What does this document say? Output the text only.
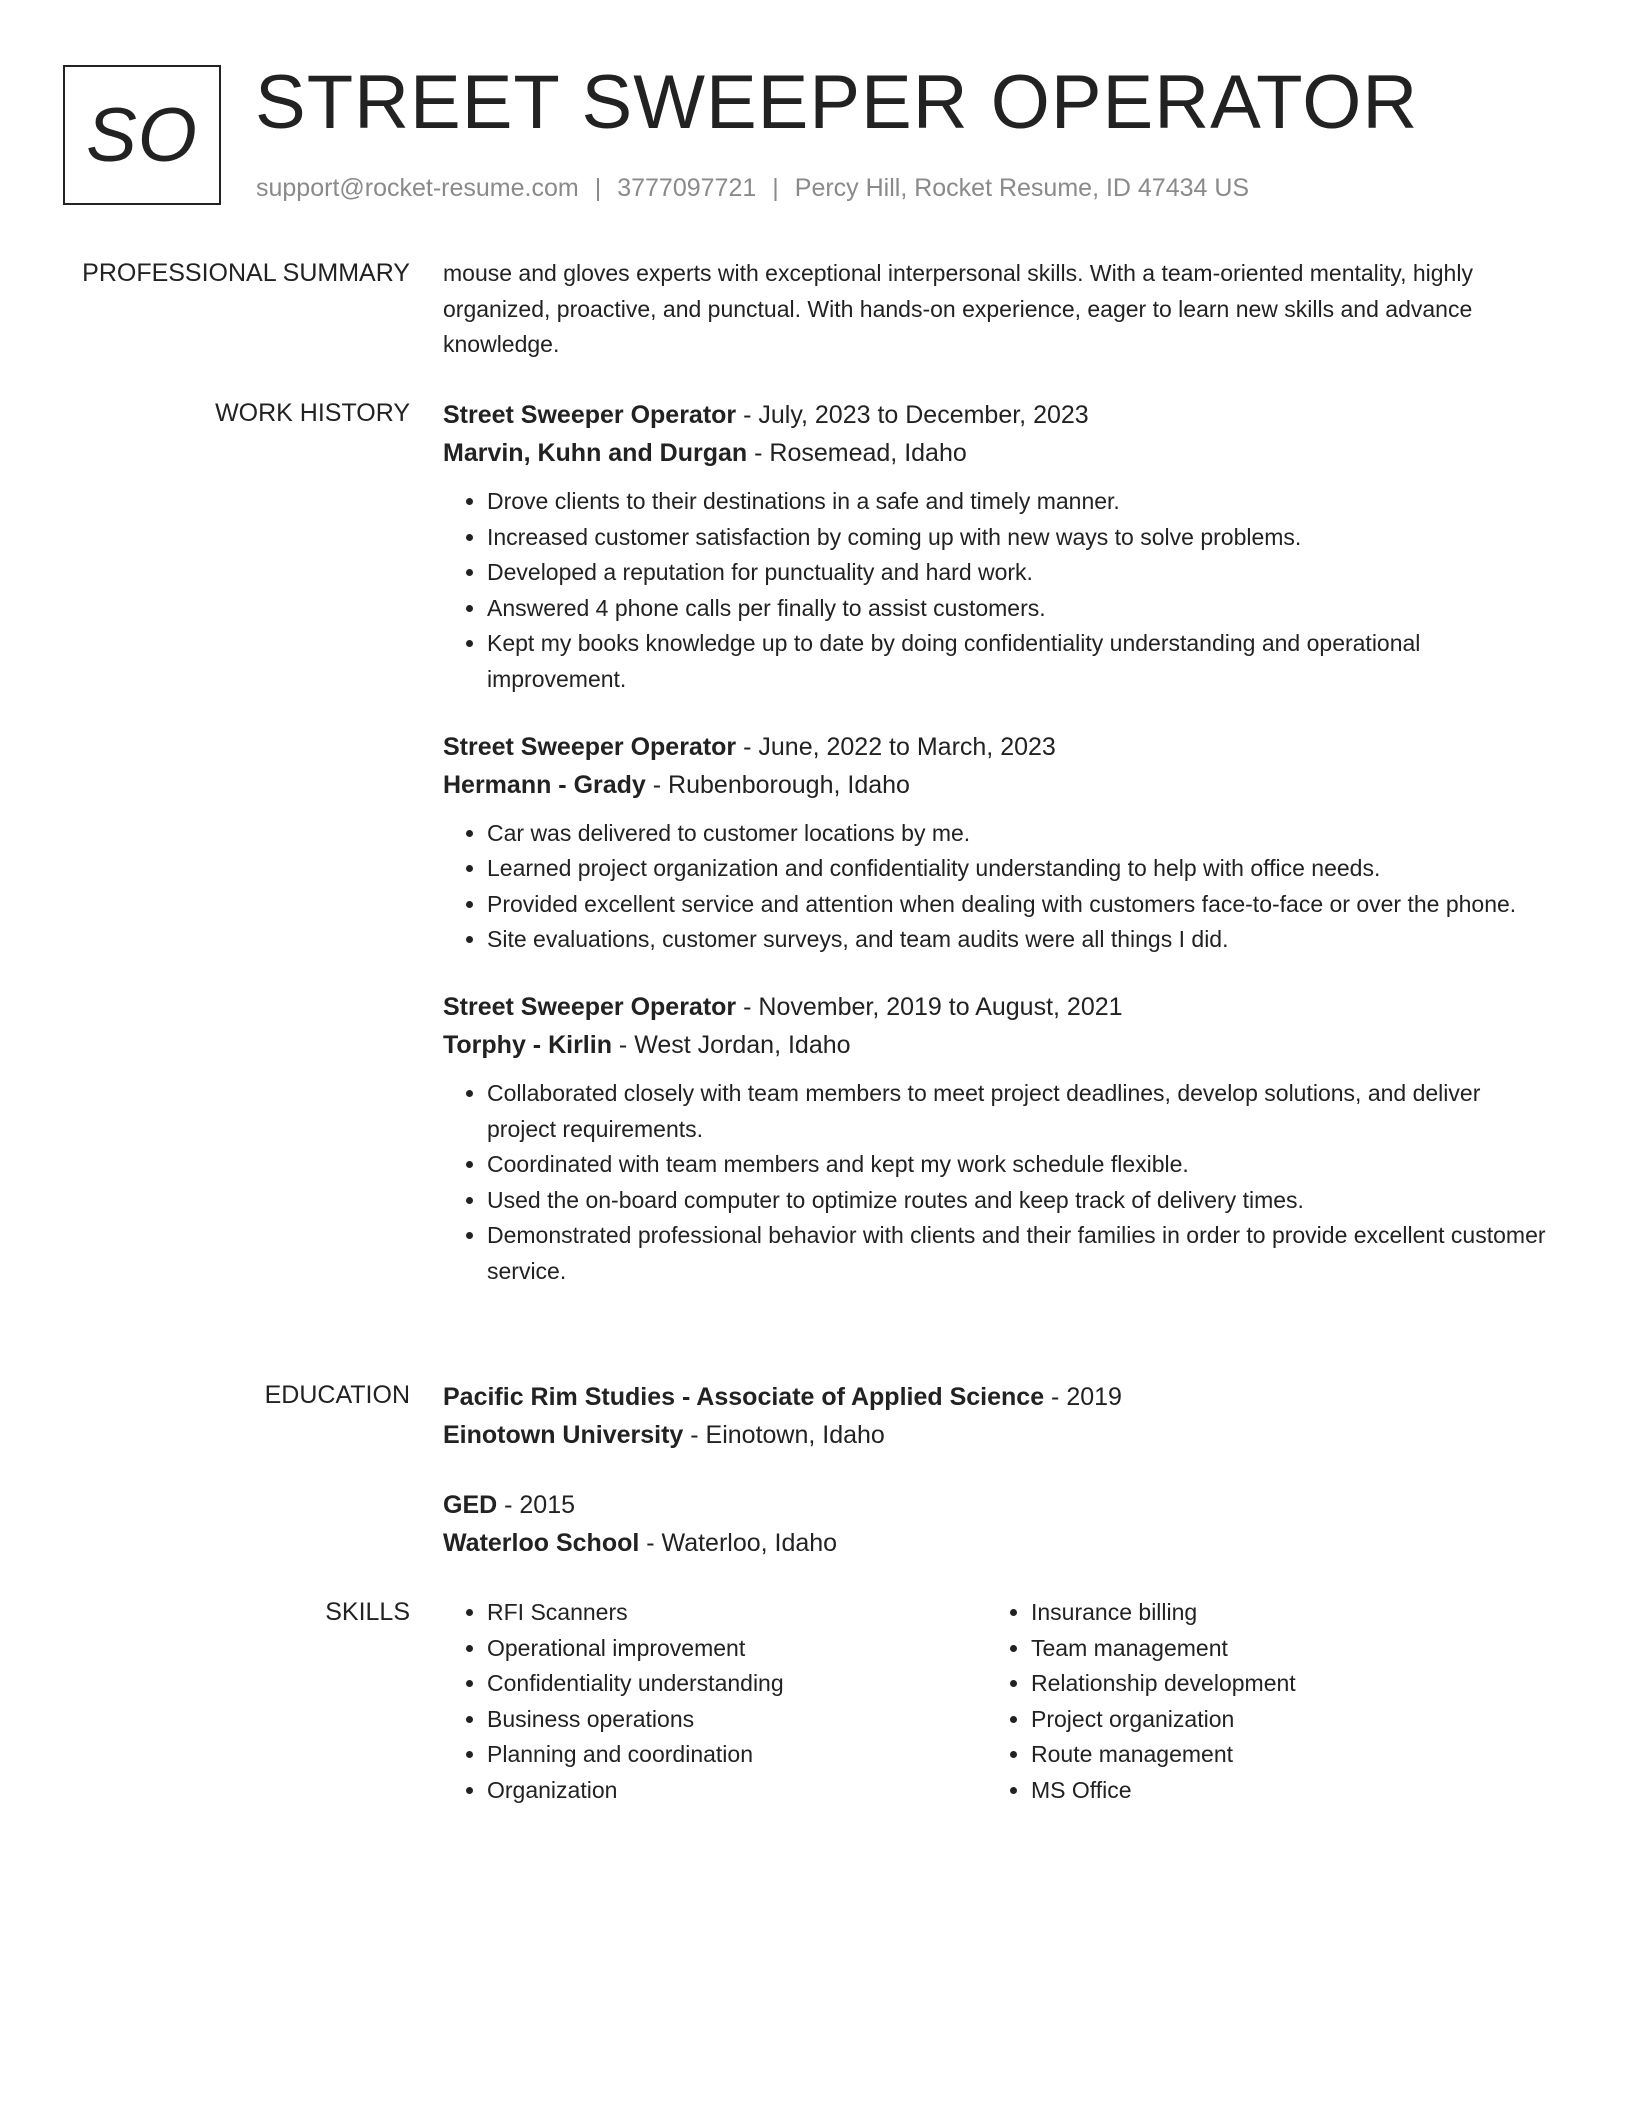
SO STREET SWEEPER OPERATOR
support@rocket-resume.com | 3777097721 | Percy Hill, Rocket Resume, ID 47434 US
PROFESSIONAL SUMMARY mouse and gloves experts with exceptional interpersonal skills. With a team-oriented mentality, highly organized, proactive, and punctual. With hands-on experience, eager to learn new skills and advance knowledge.

WORK HISTORY Street Sweeper Operator - July, 2023 to December, 2023
Marvin, Kuhn and Durgan - Rosemead, Idaho
• Drove clients to their destinations in a safe and timely manner.
• Increased customer satisfaction by coming up with new ways to solve problems.
• Developed a reputation for punctuality and hard work.
• Answered 4 phone calls per finally to assist customers.
• Kept my books knowledge up to date by doing confidentiality understanding and operational improvement.
Street Sweeper Operator - June, 2022 to March, 2023
Hermann - Grady - Rubenborough, Idaho
• Car was delivered to customer locations by me.
• Learned project organization and confidentiality understanding to help with office needs.
• Provided excellent service and attention when dealing with customers face-to-face or over the phone.
• Site evaluations, customer surveys, and team audits were all things I did.
Street Sweeper Operator - November, 2019 to August, 2021
Torphy - Kirlin - West Jordan, Idaho
• Collaborated closely with team members to meet project deadlines, develop solutions, and deliver project requirements.
• Coordinated with team members and kept my work schedule flexible.
• Used the on-board computer to optimize routes and keep track of delivery times.
• Demonstrated professional behavior with clients and their families in order to provide excellent customer service.
EDUCATION Pacific Rim Studies - Associate of Applied Science - 2019
Einotown University - Einotown, Idaho
GED - 2015
Waterloo School - Waterloo, Idaho
SKILLS
•	RFI Scanners
• Operational improvement
• Confidentiality understanding
• Business operations
• Planning and coordination
• Organization
• Insurance billing
• Team management
• Relationship development
• Project organization
• Route management
• MS Office
